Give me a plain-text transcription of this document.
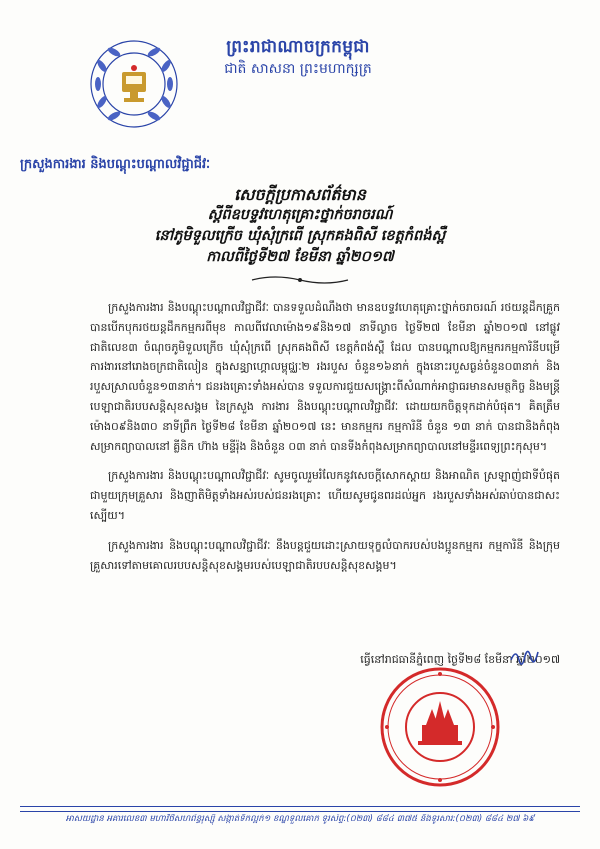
ព្រះរាជាណាចក្រកម្ពុជា
ជាតិ សាសនា ព្រះមហាក្សត្រ
ក្រសួងការងារ និងបណ្តុះបណ្តាលវិជ្ជាជីវៈ
សេចក្តីប្រកាសព័ត៌មាន
ស្តីពីឧបទ្ទវហេតុគ្រោះថ្នាក់ចរាចរណ៍
នៅភូមិទួលក្រើច ឃុំសុំក្រពើ ស្រុកគងពិសី ខេត្តកំពង់ស្ពឺ
កាលពីថ្ងៃទី២៧ ខែមីនា ឆ្នាំ២០១៧

ក្រសួងការងារ និងបណ្តុះបណ្តាលវិជ្ជាជីវៈ បានទទួលដំណឹងថា មានឧបទ្ទវហេតុគ្រោះថ្នាក់ចរាចរណ៍ រថយន្តដឹកគ្រួកបានបើកបុករថយន្តដឹកកម្មករពីមុខ កាលពីវេលាម៉ោង១៩និង១៧ នាទីល្ងាច ថ្ងៃទី២៧ ខែមីនា ឆ្នាំ២០១៧ នៅផ្លូវជាតិលេខ៣ ចំណុចភូមិទួលក្រើច ឃុំសុំក្រពើ ស្រុកគងពិសី ខេត្តកំពង់ស្ពឺ ដែល បានបណ្តាលឱ្យកម្មករកម្មការិនីបម្រើការងារនៅរោងចក្រជាតិលៀន ក្នុងសន្ធ្យាហ្គោលម្ពុជ្ឈៈ២ រងរបួស ចំនួន១៦នាក់ ក្នុងនោះរបួសធ្ងន់ចំនួន០៣នាក់ និងរបួសស្រាលចំនួន១៣នាក់។ ជនរងគ្រោះទាំងអស់បាន ទទួលការជួយសង្គ្រោះពីសំណាក់អាជ្ញាធរមានសមត្ថកិច្ច និងមន្ត្រីបេឡាជាតិរបបសន្តិសុខសង្គម នៃក្រសួង ការងារ និងបណ្តុះបណ្តាលវិជ្ជាជីវៈ ដោយយកចិត្តទុកដាក់បំផុត។ គិតត្រឹមម៉ោង០៩និង៣០ នាទីព្រឹក ថ្ងៃទី២៨ ខែមីនា ឆ្នាំ២០១៧ នេះ មានកម្មករ កម្មការិនី ចំនួន ១៣ នាក់ បានជានិងកំពុងសម្រាកព្យាបាលនៅ គ្លីនិក ហ៊ាង មន្ទីរ៉ុង និងចំនួន ០៣ នាក់ បានទីងកំពុងសម្រាកព្យាបាលនៅមន្ទីរពេទ្យព្រះកុសុម។

ក្រសួងការងារ និងបណ្តុះបណ្តាលវិជ្ជាជីវៈ សូមចូលរួមរំលែកនូវសេចក្តីសោកស្តាយ និងអាណិត ស្រឡាញ់ជាទីបំផុតជាមួយក្រុមគ្រួសារ និងញាតិមិត្តទាំងអស់របស់ជនរងគ្រោះ ហើយសូមជូនពរដល់អ្នក រងរបួសទាំងអស់ឆាប់បានជាសះស្បើយ។

ក្រសួងការងារ និងបណ្តុះបណ្តាលវិជ្ជាជីវៈ នឹងបន្តជួយដោះស្រាយទុក្ខលំបាករបស់បងប្អូនកម្មករ កម្មការិនី និងក្រុមគ្រួសារទៅតាមគោលរបបសន្តិសុខសង្គមរបស់បេឡាជាតិរបបសន្តិសុខសង្គម។

ធ្វើនៅរាជធានីភ្នំពេញ ថ្ងៃទី២៨ ខែមីនា ឆ្នាំ២០១៧
អាសយដ្ឋាន អគារលេខ៣ មហាវិថីសហព័ន្ធរុស្ស៊ី សង្កាត់ទឹកល្អក់១ ខណ្ឌទួលគោក ទូរស័ព្ទ:(០២៣) ៨៨៤ ៣៧៥ និងទូរសារ:(០២៣) ៨៨៤ ២៧ ៦៩
